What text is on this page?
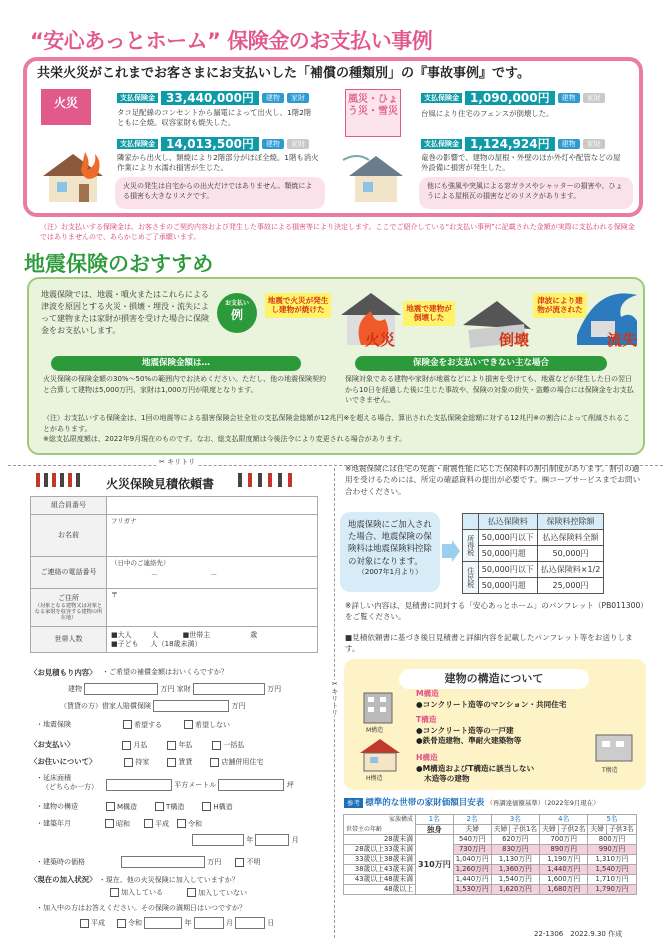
“安心あっとホーム” 保険金のお支払い事例
共栄火災がこれまでお客さまにお支払いした「補償の種類別」の『事故事例』です。
火災	支払保険金 33,440,000円	建物	家財
タコ足配線のコンセントから漏電によって出火し、1階2階ともに全焼。収容家財も焼失した。
支払保険金 14,013,500円	建物	家財
隣家から出火し、類焼により2階部分がほぼ全焼。1階も消火作業により水濡れ損害が生じた。
火災の発生は自宅からの出火だけではありません。類焼による損害も大きなリスクです。
風災・ひょう災・雪災
支払保険金 1,090,000円	建物	家財
台風により住宅のフェンスが倒壊した。
支払保険金 1,124,924円	建物	家財
竜巻の影響で、建物の屋根・外壁のほか外灯や配管などの屋外設備に損害が発生した。
他にも強風や突風による窓ガラスやシャッターの損害や、ひょうによる屋根瓦の損害などのリスクがあります。
（注）お支払いする保険金は、お客さまのご契約内容および発生した事故による損害等により決定します。ここでご紹介している“お支払い事例”に記載された金額が実際に支払われる保険金ではありませんので、あらかじめご了承願います。
地震保険のおすすめ
地震保険では、地震・噴火またはこれらによる津波を原因とする火災・損壊・埋没・流失によって建物または家財が損害を受けた場合に保険金をお支払いします。
お支払い
例
地震で火災が発生し建物が焼けた
火災
地震で建物が倒壊した
倒壊
津波により建物が流された
流失
地震保険金額は…
火災保険の保険金額の30%～50%の範囲内でお決めください。ただし、他の地震保険契約と合算して建物は5,000万円、家財は1,000万円が限度となります。
保険金をお支払いできない主な場合
保険対象である建物や家財が地震などにより損害を受けても、地震などが発生した日の翌日から10日を経過した後に生じた事故や、保険の対象の紛失・盗難の場合には保険金をお支払いできません。
（注）お支払いする保険金は、1回の地震等による損害保険会社全社の支払保険金総額が12兆円※を超える場合、算出された支払保険金総額に対する12兆円※の割合によって削減されることがあります。
※総支払限度額は、2022年9月現在のものです。なお、総支払限度額は今後法令により変更される場合があります。
✂ キリトリ
✂キリトリ
火災保険見積依頼書
組合員番号	
お名前	フリガナ
ご連絡の電話番号	（日中のご連絡先）
－ －

ご住所
（対象となる建物又は対象となる家財を収容する建物の所在地）	〒
世帯人数	■大人 人 ■世帯主 歳
■子ども 人（18歳未満）
〈お見積もり内容〉 ・ご希望の補償金額はおいくらですか？
建物	万円 家財	万円
（賃貸の方）借家人賠償保険	万円
・地震保険	希望する	希望しない
〈お支払い〉	月払	年払	一括払
〈お住いについて〉	持家	賃貸	店舗併用住宅
・延床面積
（どちらか一方）	平方メートル	坪
・建物の構造	M構造	T構造	H構造
・建築年月	昭和	平成	令和
年	月
・建築時の価格	万円	不明
〈現在の加入状況〉 ・現在、他の火災保険に加入していますか？
加入している	加入していない
・加入中の方はお答えください。その保険の満期日はいつですか？
平成	令和	年	月	日
※地震保険には住宅の免震・耐震性能に応じた保険料の割引制度があります。割引の適用を受けるためには、所定の確認資料の提出が必要です。㈱コープサービスまでお問い合わせください。
地震保険にご加入された場合、地震保険の保険料は地震保険料控除の対象になります。
（2007年1月より）
	払込保険料	保険料控除額
所得税	50,000円以下	払込保険料全額
	50,000円超	50,000円
住民税	50,000円以下	払込保険料×1/2
	50,000円超	25,000円
※詳しい内容は、見積書に同封する「安心あっとホーム」のパンフレット（PB011300）をご覧ください。
■見積依頼書に基づき後日見積書と詳細内容を記載したパンフレット等をお送りします。
建物の構造について
M構造
M構造
●コンクリート造等のマンション・共同住宅
T構造
●コンクリート造等の一戸建
●鉄骨造建物、準耐火建築物等
T構造
H構造
H構造
●M構造およびT構造に該当しない
木造等の建物
参考 標準的な世帯の家財価額目安表 （再調達価額基準）（2022年9月現在）
家族構成
世帯主の年齢	1名	2名	3名		4名		5名	
	独身	夫婦	夫婦	子供1名	夫婦	子供2名	夫婦	子供3名
28歳未満	310万円	540万円	620万円		700万円		800万円	
28歳以上33歳未満		730万円	830万円		890万円		990万円	
33歳以上38歳未満		1,040万円	1,130万円		1,190万円		1,310万円	
38歳以上43歳未満		1,260万円	1,360万円		1,440万円		1,540万円	
43歳以上48歳未満		1,440万円	1,540万円		1,600万円		1,710万円	
48歳以上		1,530万円	1,620万円		1,680万円		1,790万円	
22-1306　2022.9.30 作成
